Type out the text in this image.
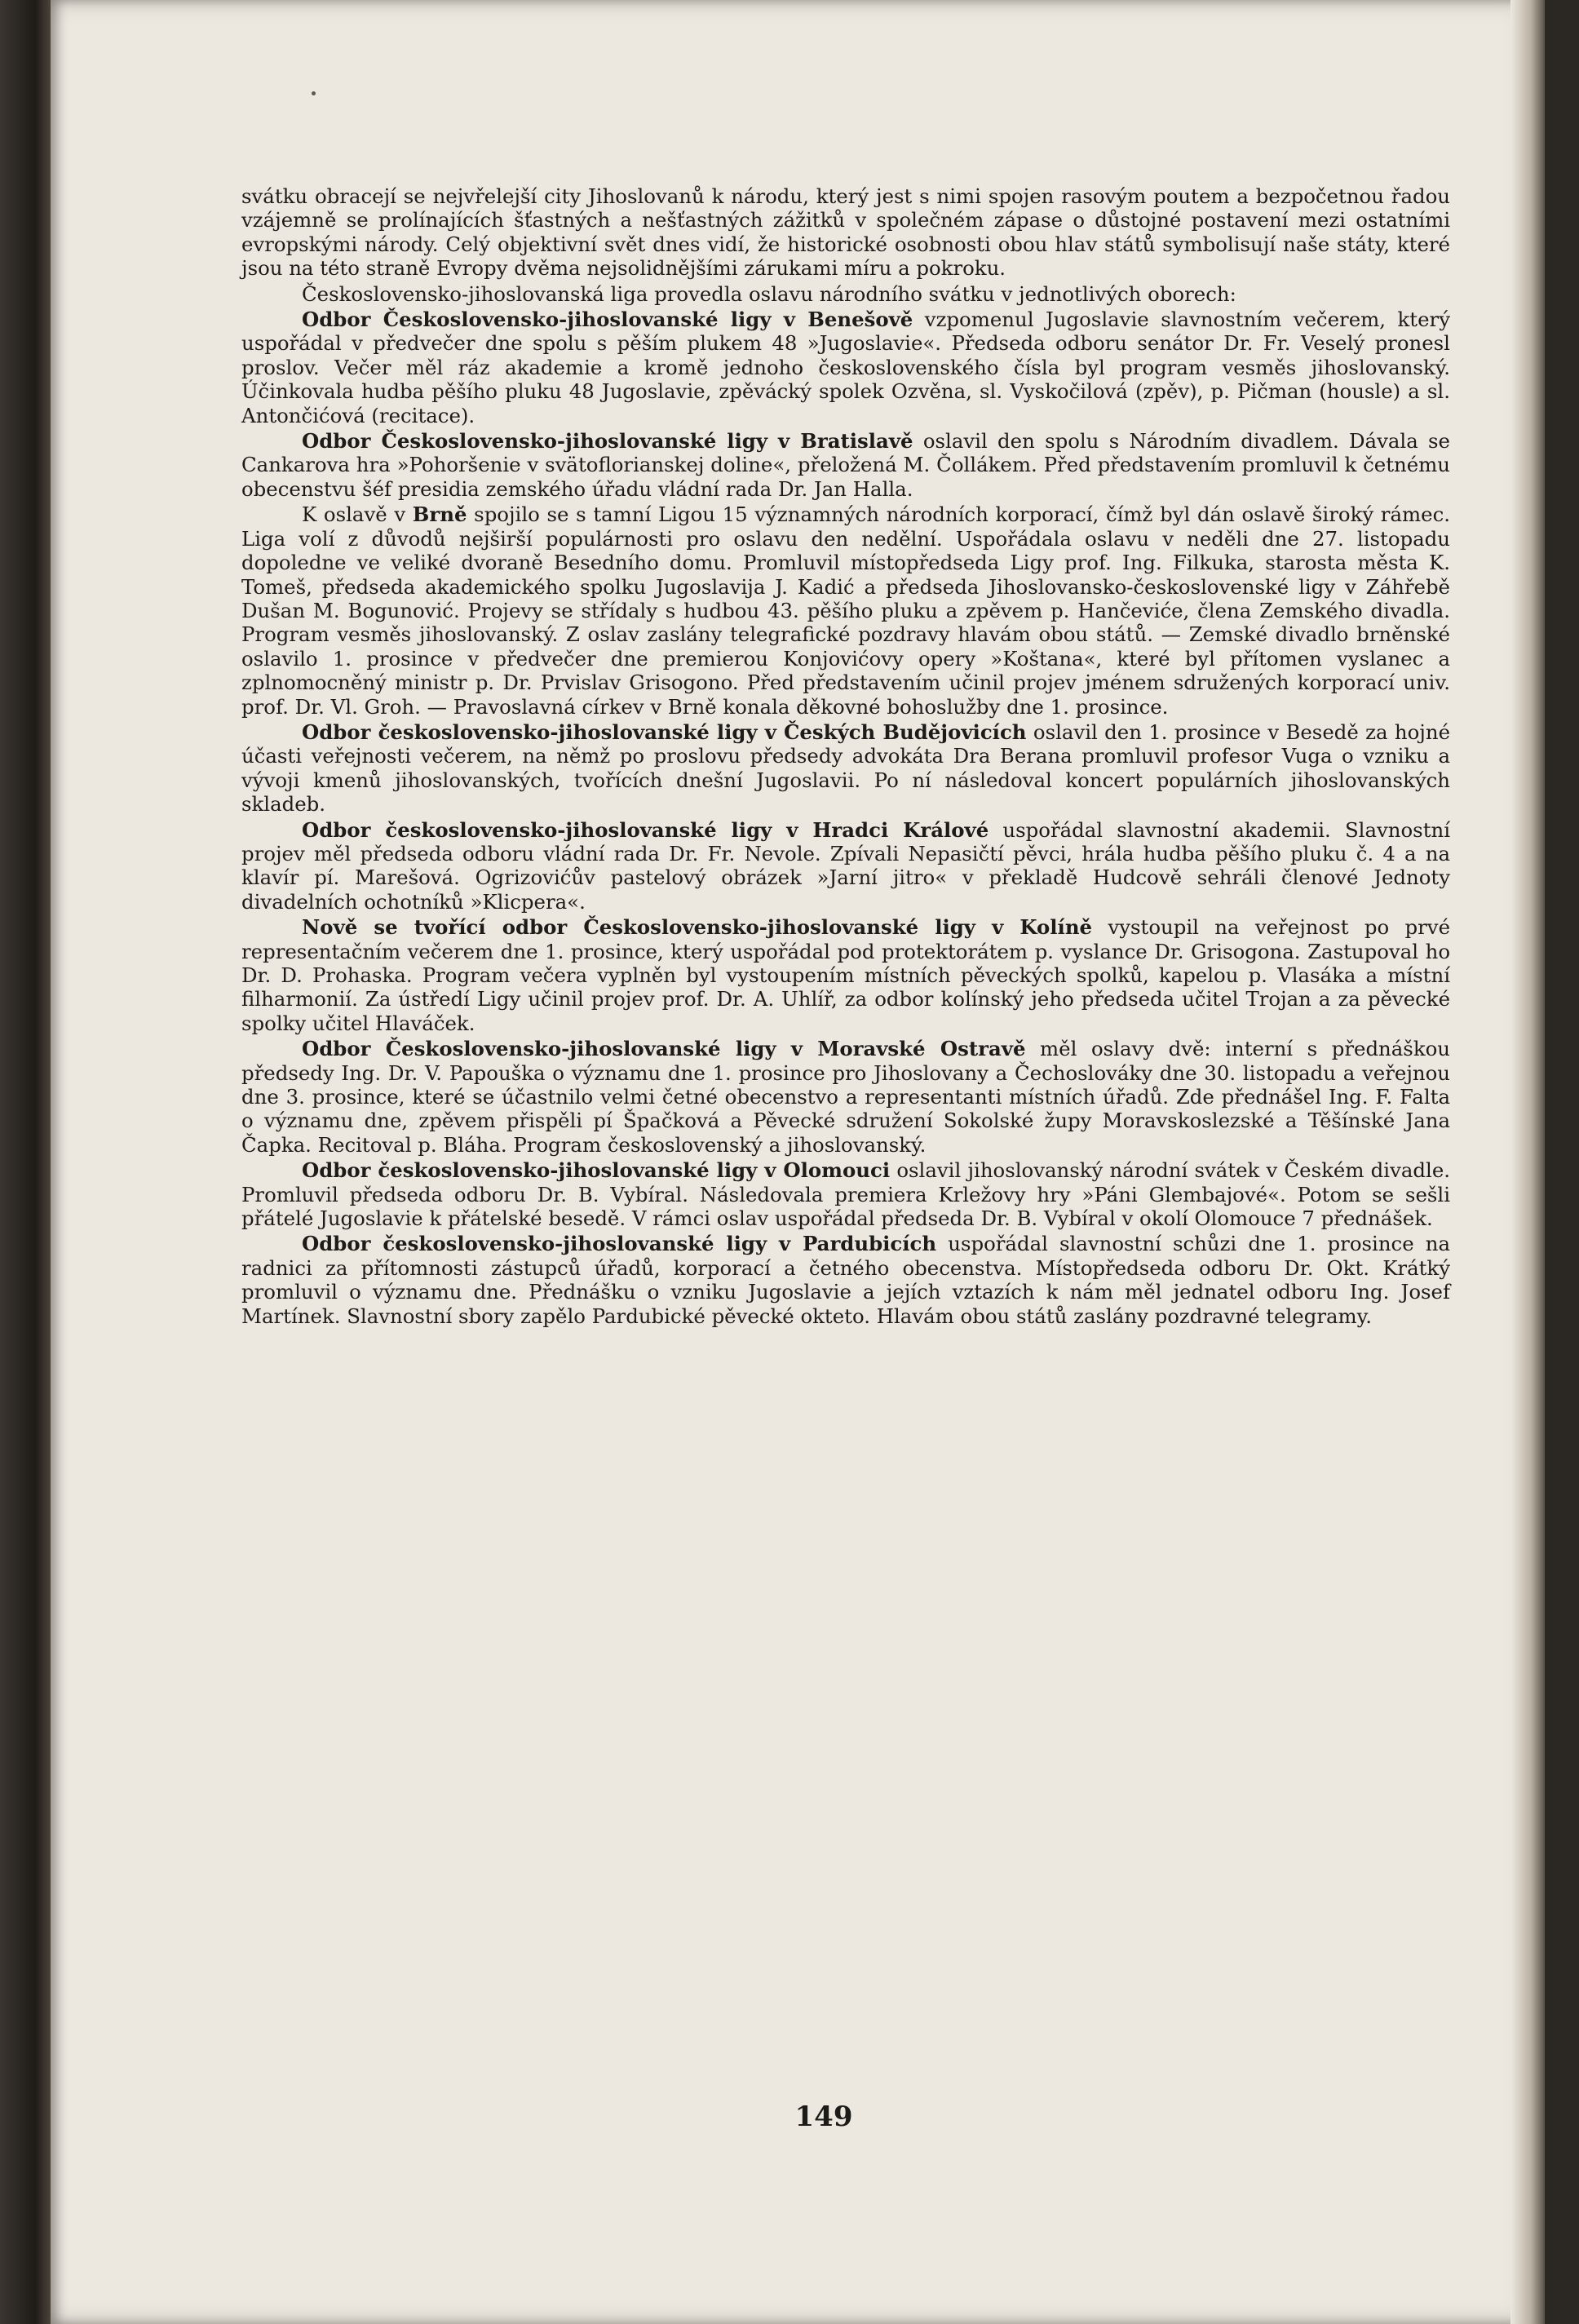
svátku obracejí se nejvřelejší city Jihoslovanů k národu, který jest s nimi spojen rasovým poutem a bezpočetnou řadou vzájemně se prolínajících šťastných a nešťastných zážitků v společném zápase o důstojné postavení mezi ostatními evropskými národy. Celý objektivní svět dnes vidí, že historické osobnosti obou hlav států symbolisují naše státy, které jsou na této straně Evropy dvěma nejsolidnějšími zárukami míru a pokroku.

Československo-jihoslovanská liga provedla oslavu národního svátku v jednotlivých oborech:

Odbor Československo-jihoslovanské ligy v Benešově vzpomenul Jugoslavie slavnostním večerem, který uspořádal v předvečer dne spolu s pěším plukem 48 »Jugoslavie«. Předseda odboru senátor Dr. Fr. Veselý pronesl proslov. Večer měl ráz akademie a kromě jednoho československého čísla byl program vesměs jihoslovanský. Účinkovala hudba pěšího pluku 48 Jugoslavie, zpěvácký spolek Ozvěna, sl. Vyskočilová (zpěv), p. Pičman (housle) a sl. Antončićová (recitace).

Odbor Československo-jihoslovanské ligy v Bratislavě oslavil den spolu s Národním divadlem. Dávala se Cankarova hra »Pohoršenie v svätoflorianskej doline«, přeložená M. Čollákem. Před představením promluvil k četnému obecenstvu šéf presidia zemského úřadu vládní rada Dr. Jan Halla.

K oslavě v Brně spojilo se s tamní Ligou 15 významných národních korporací, čímž byl dán oslavě široký rámec. Liga volí z důvodů nejširší populárnosti pro oslavu den nedělní. Uspořádala oslavu v neděli dne 27. listopadu dopoledne ve veliké dvoraně Besedního domu. Promluvil místopředseda Ligy prof. Ing. Filkuka, starosta města K. Tomeš, předseda akademického spolku Jugoslavija J. Kadić a předseda Jihoslovansko-československé ligy v Záhřebě Dušan M. Bogunović. Projevy se střídaly s hudbou 43. pěšího pluku a zpěvem p. Hančeviće, člena Zemského divadla. Program vesměs jihoslovanský. Z oslav zaslány telegrafické pozdravy hlavám obou států. — Zemské divadlo brněnské oslavilo 1. prosince v předvečer dne premierou Konjovićovy opery »Koštana«, které byl přítomen vyslanec a zplnomocněný ministr p. Dr. Prvislav Grisogono. Před představením učinil projev jménem sdružených korporací univ. prof. Dr. Vl. Groh. — Pravoslavná církev v Brně konala děkovné bohoslužby dne 1. prosince.

Odbor československo-jihoslovanské ligy v Českých Budějovicích oslavil den 1. prosince v Besedě za hojné účasti veřejnosti večerem, na němž po proslovu předsedy advokáta Dra Berana promluvil profesor Vuga o vzniku a vývoji kmenů jihoslovanských, tvořících dnešní Jugoslavii. Po ní následoval koncert populárních jihoslovanských skladeb.

Odbor československo-jihoslovanské ligy v Hradci Králové uspořádal slavnostní akademii. Slavnostní projev měl předseda odboru vládní rada Dr. Fr. Nevole. Zpívali Nepasičtí pěvci, hrála hudba pěšího pluku č. 4 a na klavír pí. Marešová. Ogrizovićův pastelový obrázek »Jarní jitro« v překladě Hudcově sehráli členové Jednoty divadelních ochotníků »Klicpera«.

Nově se tvořící odbor Československo-jihoslovanské ligy v Kolíně vystoupil na veřejnost po prvé representačním večerem dne 1. prosince, který uspořádal pod protektorátem p. vyslance Dr. Grisogona. Zastupoval ho Dr. D. Prohaska. Program večera vyplněn byl vystoupením místních pěveckých spolků, kapelou p. Vlasáka a místní filharmonií. Za ústředí Ligy učinil projev prof. Dr. A. Uhlíř, za odbor kolínský jeho předseda učitel Trojan a za pěvecké spolky učitel Hlaváček.

Odbor Československo-jihoslovanské ligy v Moravské Ostravě měl oslavy dvě: interní s přednáškou předsedy Ing. Dr. V. Papouška o významu dne 1. prosince pro Jihoslovany a Čechoslováky dne 30. listopadu a veřejnou dne 3. prosince, které se účastnilo velmi četné obecenstvo a representanti místních úřadů. Zde přednášel Ing. F. Falta o významu dne, zpěvem přispěli pí Špačková a Pěvecké sdružení Sokolské župy Moravskoslezské a Těšínské Jana Čapka. Recitoval p. Bláha. Program československý a jihoslovanský.

Odbor československo-jihoslovanské ligy v Olomouci oslavil jihoslovanský národní svátek v Českém divadle. Promluvil předseda odboru Dr. B. Vybíral. Následovala premiera Krležovy hry »Páni Glembajové«. Potom se sešli přátelé Jugoslavie k přátelské besedě. V rámci oslav uspořádal předseda Dr. B. Vybíral v okolí Olomouce 7 přednášek.

Odbor československo-jihoslovanské ligy v Pardubicích uspořádal slavnostní schůzi dne 1. prosince na radnici za přítomnosti zástupců úřadů, korporací a četného obecenstva. Místopředseda odboru Dr. Okt. Krátký promluvil o významu dne. Přednášku o vzniku Jugoslavie a jejích vztazích k nám měl jednatel odboru Ing. Josef Martínek. Slavnostní sbory zapělo Pardubické pěvecké okteto. Hlavám obou států zaslány pozdravné telegramy.

149
